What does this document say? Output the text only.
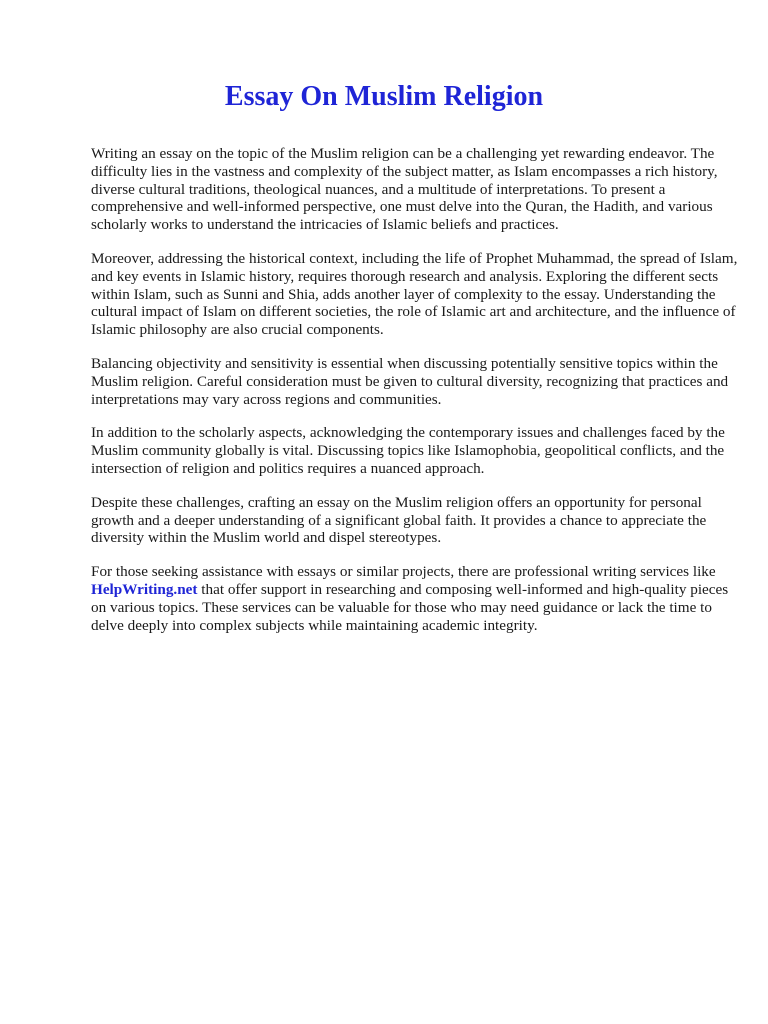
Essay On Muslim Religion

Writing an essay on the topic of the Muslim religion can be a challenging yet rewarding endeavor. The difficulty lies in the vastness and complexity of the subject matter, as Islam encompasses a rich history, diverse cultural traditions, theological nuances, and a multitude of interpretations. To present a comprehensive and well-informed perspective, one must delve into the Quran, the Hadith, and various scholarly works to understand the intricacies of Islamic beliefs and practices.

Moreover, addressing the historical context, including the life of Prophet Muhammad, the spread of Islam, and key events in Islamic history, requires thorough research and analysis. Exploring the different sects within Islam, such as Sunni and Shia, adds another layer of complexity to the essay. Understanding the cultural impact of Islam on different societies, the role of Islamic art and architecture, and the influence of Islamic philosophy are also crucial components.

Balancing objectivity and sensitivity is essential when discussing potentially sensitive topics within the Muslim religion. Careful consideration must be given to cultural diversity, recognizing that practices and interpretations may vary across regions and communities.

In addition to the scholarly aspects, acknowledging the contemporary issues and challenges faced by the Muslim community globally is vital. Discussing topics like Islamophobia, geopolitical conflicts, and the intersection of religion and politics requires a nuanced approach.

Despite these challenges, crafting an essay on the Muslim religion offers an opportunity for personal growth and a deeper understanding of a significant global faith. It provides a chance to appreciate the diversity within the Muslim world and dispel stereotypes.

For those seeking assistance with essays or similar projects, there are professional writing services like HelpWriting.net that offer support in researching and composing well-informed and high-quality pieces on various topics. These services can be valuable for those who may need guidance or lack the time to delve deeply into complex subjects while maintaining academic integrity.
